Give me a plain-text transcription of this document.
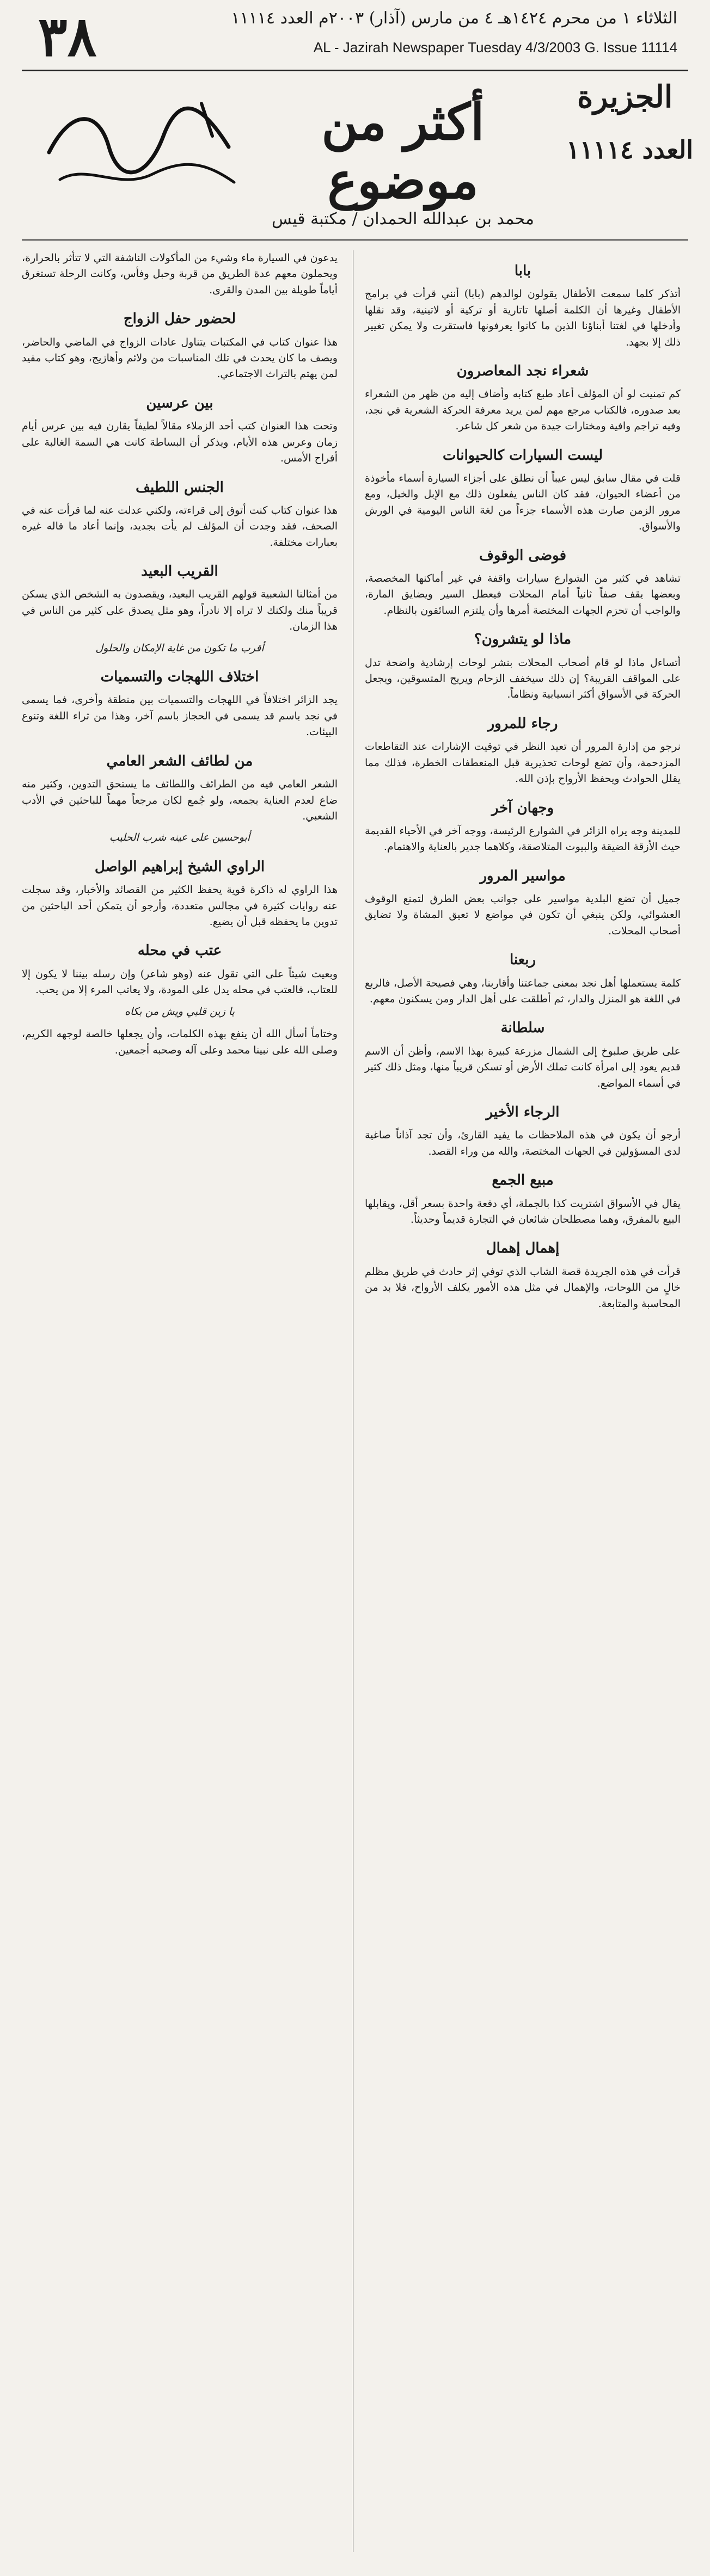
٣٨	الثلاثاء ١ من محرم ١٤٢٤هـ ٤ من مارس (آذار) ٢٠٠٣م العدد ١١١١٤
AL - Jazirah Newspaper Tuesday 4/3/2003 G. Issue 11114
الجزيرة
العدد ١١١١٤
أكثر من موضوع
محمد بن عبدالله الحمدان / مكتبة قيس
بابا

أتذكر كلما سمعت الأطفال يقولون لوالدهم (بابا) أنني قرأت في برامج الأطفال وغيرها أن الكلمة أصلها تاتارية أو تركية أو لاتينية، وقد نقلها وأدخلها في لغتنا أبناؤنا الذين ما كانوا يعرفونها فاستقرت ولا يمكن تغيير ذلك إلا بجهد.

شعراء نجد المعاصرون

كم تمنيت لو أن المؤلف أعاد طبع كتابه وأضاف إليه من ظهر من الشعراء بعد صدوره، فالكتاب مرجع مهم لمن يريد معرفة الحركة الشعرية في نجد، وفيه تراجم وافية ومختارات جيدة من شعر كل شاعر.

ليست السيارات كالحيوانات

قلت في مقال سابق ليس عيباً أن نطلق على أجزاء السيارة أسماء مأخوذة من أعضاء الحيوان، فقد كان الناس يفعلون ذلك مع الإبل والخيل، ومع مرور الزمن صارت هذه الأسماء جزءاً من لغة الناس اليومية في الورش والأسواق.

فوضى الوقوف

تشاهد في كثير من الشوارع سيارات واقفة في غير أماكنها المخصصة، وبعضها يقف صفاً ثانياً أمام المحلات فيعطل السير ويضايق المارة، والواجب أن تحزم الجهات المختصة أمرها وأن يلتزم السائقون بالنظام.

ماذا لو يتشرون؟

أتساءل ماذا لو قام أصحاب المحلات بنشر لوحات إرشادية واضحة تدل على المواقف القريبة؟ إن ذلك سيخفف الزحام ويريح المتسوقين، ويجعل الحركة في الأسواق أكثر انسيابية ونظاماً.

رجاء للمرور

نرجو من إدارة المرور أن تعيد النظر في توقيت الإشارات عند التقاطعات المزدحمة، وأن تضع لوحات تحذيرية قبل المنعطفات الخطرة، فذلك مما يقلل الحوادث ويحفظ الأرواح بإذن الله.

وجهان آخر

للمدينة وجه يراه الزائر في الشوارع الرئيسة، ووجه آخر في الأحياء القديمة حيث الأزقة الضيقة والبيوت المتلاصقة، وكلاهما جدير بالعناية والاهتمام.

مواسير المرور

جميل أن تضع البلدية مواسير على جوانب بعض الطرق لتمنع الوقوف العشوائي، ولكن ينبغي أن تكون في مواضع لا تعيق المشاة ولا تضايق أصحاب المحلات.

ربعنا

كلمة يستعملها أهل نجد بمعنى جماعتنا وأقاربنا، وهي فصيحة الأصل، فالربع في اللغة هو المنزل والدار، ثم أطلقت على أهل الدار ومن يسكنون معهم.

سلطانة

على طريق صلبوخ إلى الشمال مزرعة كبيرة بهذا الاسم، وأظن أن الاسم قديم يعود إلى امرأة كانت تملك الأرض أو تسكن قريباً منها، ومثل ذلك كثير في أسماء المواضع.

الرجاء الأخير

أرجو أن يكون في هذه الملاحظات ما يفيد القارئ، وأن تجد آذاناً صاغية لدى المسؤولين في الجهات المختصة، والله من وراء القصد.

مبيع الجمع

يقال في الأسواق اشتريت كذا بالجملة، أي دفعة واحدة بسعر أقل، ويقابلها البيع بالمفرق، وهما مصطلحان شائعان في التجارة قديماً وحديثاً.

إهمال إهمال

قرأت في هذه الجريدة قصة الشاب الذي توفي إثر حادث في طريق مظلم خالٍ من اللوحات، والإهمال في مثل هذه الأمور يكلف الأرواح، فلا بد من المحاسبة والمتابعة.

يدعون في السيارة ماء وشيء من المأكولات الناشفة التي لا تتأثر بالحرارة، ويحملون معهم عدة الطريق من قربة وحبل وفأس، وكانت الرحلة تستغرق أياماً طويلة بين المدن والقرى.

لحضور حفل الزواج

هذا عنوان كتاب في المكتبات يتناول عادات الزواج في الماضي والحاضر، ويصف ما كان يحدث في تلك المناسبات من ولائم وأهازيج، وهو كتاب مفيد لمن يهتم بالتراث الاجتماعي.

بين عرسين

وتحت هذا العنوان كتب أحد الزملاء مقالاً لطيفاً يقارن فيه بين عرس أيام زمان وعرس هذه الأيام، ويذكر أن البساطة كانت هي السمة الغالبة على أفراح الأمس.

الجنس اللطيف

هذا عنوان كتاب كنت أتوق إلى قراءته، ولكني عدلت عنه لما قرأت عنه في الصحف، فقد وجدت أن المؤلف لم يأت بجديد، وإنما أعاد ما قاله غيره بعبارات مختلفة.

القريب البعيد

من أمثالنا الشعبية قولهم القريب البعيد، ويقصدون به الشخص الذي يسكن قريباً منك ولكنك لا تراه إلا نادراً، وهو مثل يصدق على كثير من الناس في هذا الزمان.

أقرب ما تكون من غاية الإمكان والحلول

اختلاف اللهجات والتسميات

يجد الزائر اختلافاً في اللهجات والتسميات بين منطقة وأخرى، فما يسمى في نجد باسم قد يسمى في الحجاز باسم آخر، وهذا من ثراء اللغة وتنوع البيئات.

من لطائف الشعر العامي

الشعر العامي فيه من الطرائف واللطائف ما يستحق التدوين، وكثير منه ضاع لعدم العناية بجمعه، ولو جُمع لكان مرجعاً مهماً للباحثين في الأدب الشعبي.

أبوحسين على عينه شرب الحليب

الراوي الشيخ إبراهيم الواصل

هذا الراوي له ذاكرة قوية يحفظ الكثير من القصائد والأخبار، وقد سجلت عنه روايات كثيرة في مجالس متعددة، وأرجو أن يتمكن أحد الباحثين من تدوين ما يحفظه قبل أن يضيع.

عتب في محله

وبعيث شيئاً على التي تقول عنه (وهو شاعر) وإن رسله بيننا لا يكون إلا للعتاب، فالعتب في محله يدل على المودة، ولا يعاتب المرء إلا من يحب.

يا زين قلبي ويش من بكاه

وختاماً أسأل الله أن ينفع بهذه الكلمات، وأن يجعلها خالصة لوجهه الكريم، وصلى الله على نبينا محمد وعلى آله وصحبه أجمعين.
